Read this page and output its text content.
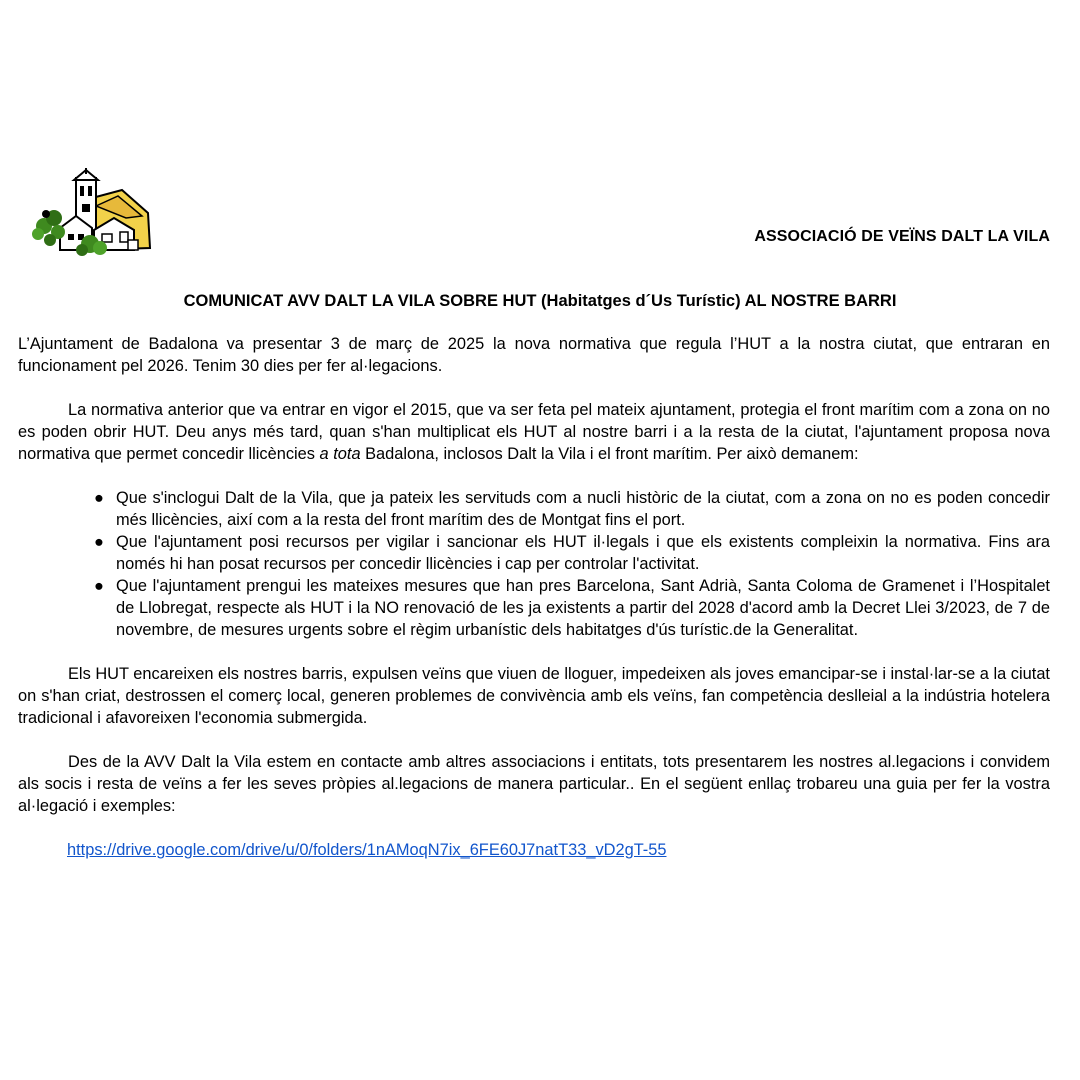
ASSOCIACIÓ DE VEÏNS DALT LA VILA
COMUNICAT AVV DALT LA VILA SOBRE HUT (Habitatges d´Us Turístic) AL NOSTRE BARRI

L’Ajuntament de Badalona va presentar 3 de març de 2025 la nova normativa que regula l’HUT a la nostra ciutat, que entraran en funcionament pel 2026. Tenim 30 dies per fer al·legacions.

La normativa anterior que va entrar en vigor el 2015, que va ser feta pel mateix ajuntament, protegia el front marítim com a zona on no es poden obrir HUT. Deu anys més tard, quan s'han multiplicat els HUT al nostre barri i a la resta de la ciutat, l'ajuntament proposa nova normativa que permet concedir llicències a tota Badalona, inclosos Dalt la Vila i el front marítim. Per això demanem:

● Que s'inclogui Dalt de la Vila, que ja pateix les servituds com a nucli històric de la ciutat, com a zona on no es poden concedir més llicències, així com a la resta del front marítim des de Montgat fins el port.
● Que l'ajuntament posi recursos per vigilar i sancionar els HUT il·legals i que els existents compleixin la normativa. Fins ara només hi han posat recursos per concedir llicències i cap per controlar l'activitat.
● Que l'ajuntament prengui les mateixes mesures que han pres Barcelona, Sant Adrià, Santa Coloma de Gramenet i l’Hospitalet de Llobregat, respecte als HUT i la NO renovació de les ja existents a partir del 2028 d'acord amb la Decret Llei 3/2023, de 7 de novembre, de mesures urgents sobre el règim urbanístic dels habitatges d'ús turístic.de la Generalitat.

Els HUT encareixen els nostres barris, expulsen veïns que viuen de lloguer, impedeixen als joves emancipar-se i instal·lar-se a la ciutat on s'han criat, destrossen el comerç local, generen problemes de convivència amb els veïns, fan competència deslleial a la indústria hotelera tradicional i afavoreixen l'economia submergida.

Des de la AVV Dalt la Vila estem en contacte amb altres associacions i entitats, tots presentarem les nostres al.legacions i convidem als socis i resta de veïns a fer les seves pròpies al.legacions de manera particular.. En el següent enllaç trobareu una guia per fer la vostra al·legació i exemples:

https://drive.google.com/drive/u/0/folders/1nAMoqN7ix_6FE60J7natT33_vD2gT-55
